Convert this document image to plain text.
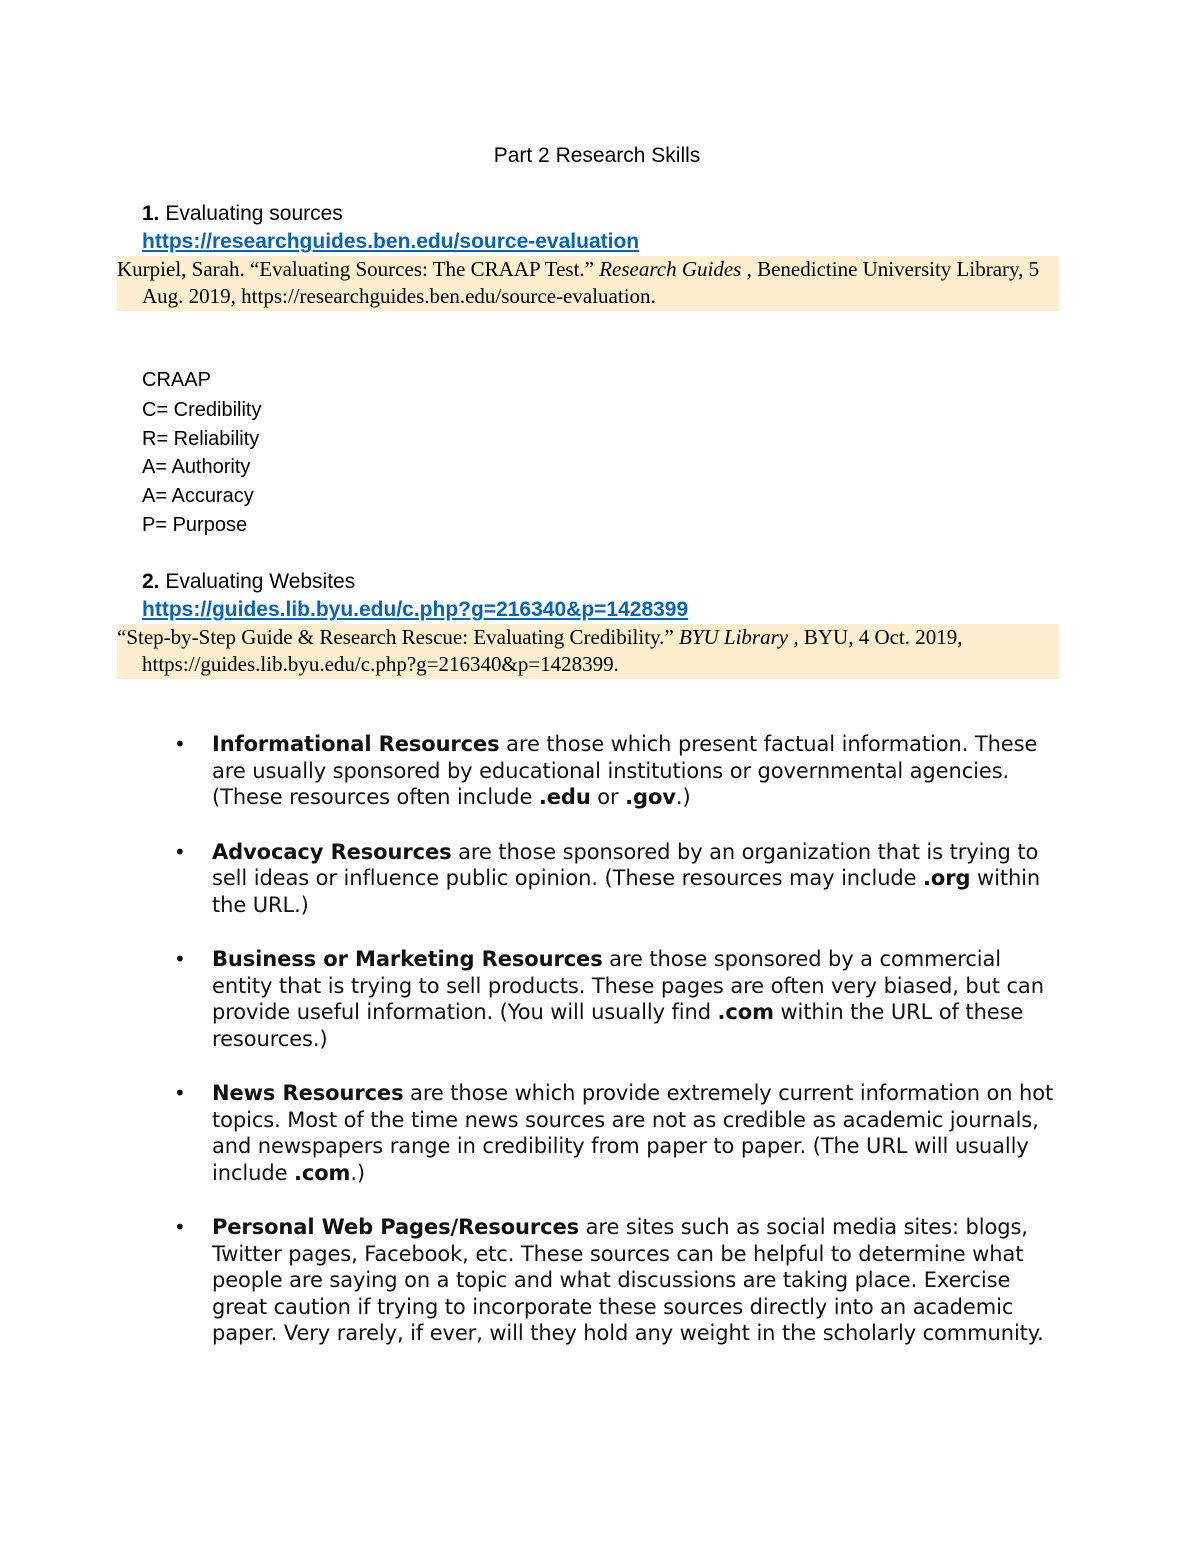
Part 2 Research Skills
1. Evaluating sources
https://researchguides.ben.edu/source-evaluation
Kurpiel, Sarah. “Evaluating Sources: The CRAAP Test.” Research Guides , Benedictine University Library, 5 Aug. 2019, https://researchguides.ben.edu/source-evaluation.
CRAAP
C= Credibility
R= Reliability
A= Authority
A= Accuracy
P= Purpose
2. Evaluating Websites
https://guides.lib.byu.edu/c.php?g=216340&p=1428399
“Step-by-Step Guide & Research Rescue: Evaluating Credibility.” BYU Library , BYU, 4 Oct. 2019, https://guides.lib.byu.edu/c.php?g=216340&p=1428399.
• Informational Resources are those which present factual information. These are usually sponsored by educational institutions or governmental agencies. (These resources often include .edu or .gov.)
• Advocacy Resources are those sponsored by an organization that is trying to sell ideas or influence public opinion. (These resources may include .org within the URL.)
• Business or Marketing Resources are those sponsored by a commercial entity that is trying to sell products. These pages are often very biased, but can provide useful information. (You will usually find .com within the URL of these resources.)
• News Resources are those which provide extremely current information on hot topics. Most of the time news sources are not as credible as academic journals, and newspapers range in credibility from paper to paper. (The URL will usually include .com.)
• Personal Web Pages/Resources are sites such as social media sites: blogs, Twitter pages, Facebook, etc. These sources can be helpful to determine what people are saying on a topic and what discussions are taking place. Exercise great caution if trying to incorporate these sources directly into an academic paper. Very rarely, if ever, will they hold any weight in the scholarly community.
